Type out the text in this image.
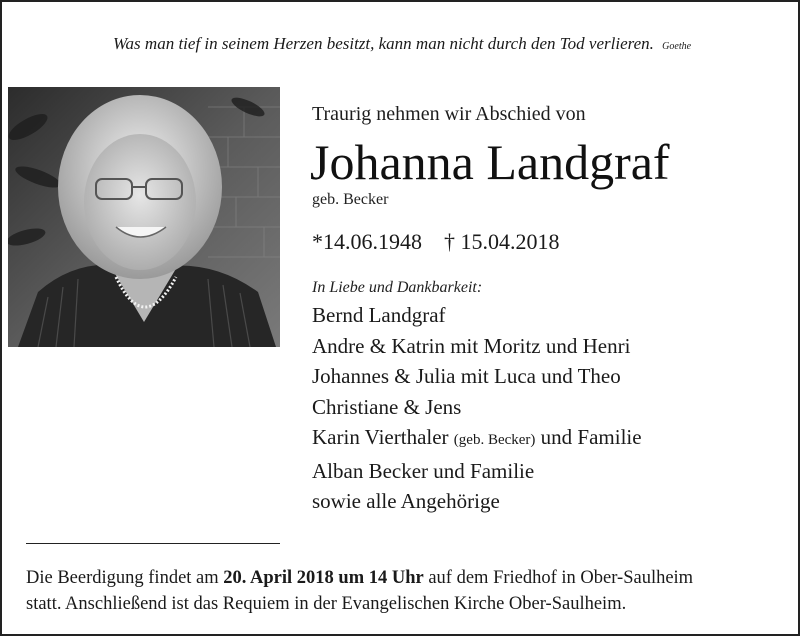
Was man tief in seinem Herzen besitzt, kann man nicht durch den Tod verlieren. Goethe

Traurig nehmen wir Abschied von

Johanna Landgraf

geb. Becker

*14.06.1948 † 15.04.2018

In Liebe und Dankbarkeit:

Bernd Landgraf
Andre & Katrin mit Moritz und Henri
Johannes & Julia mit Luca und Theo
Christiane & Jens
Karin Vierthaler (geb. Becker) und Familie
Alban Becker und Familie
sowie alle Angehörige

Die Beerdigung findet am 20. April 2018 um 14 Uhr auf dem Friedhof in Ober-Saulheim

statt. Anschließend ist das Requiem in der Evangelischen Kirche Ober-Saulheim.
